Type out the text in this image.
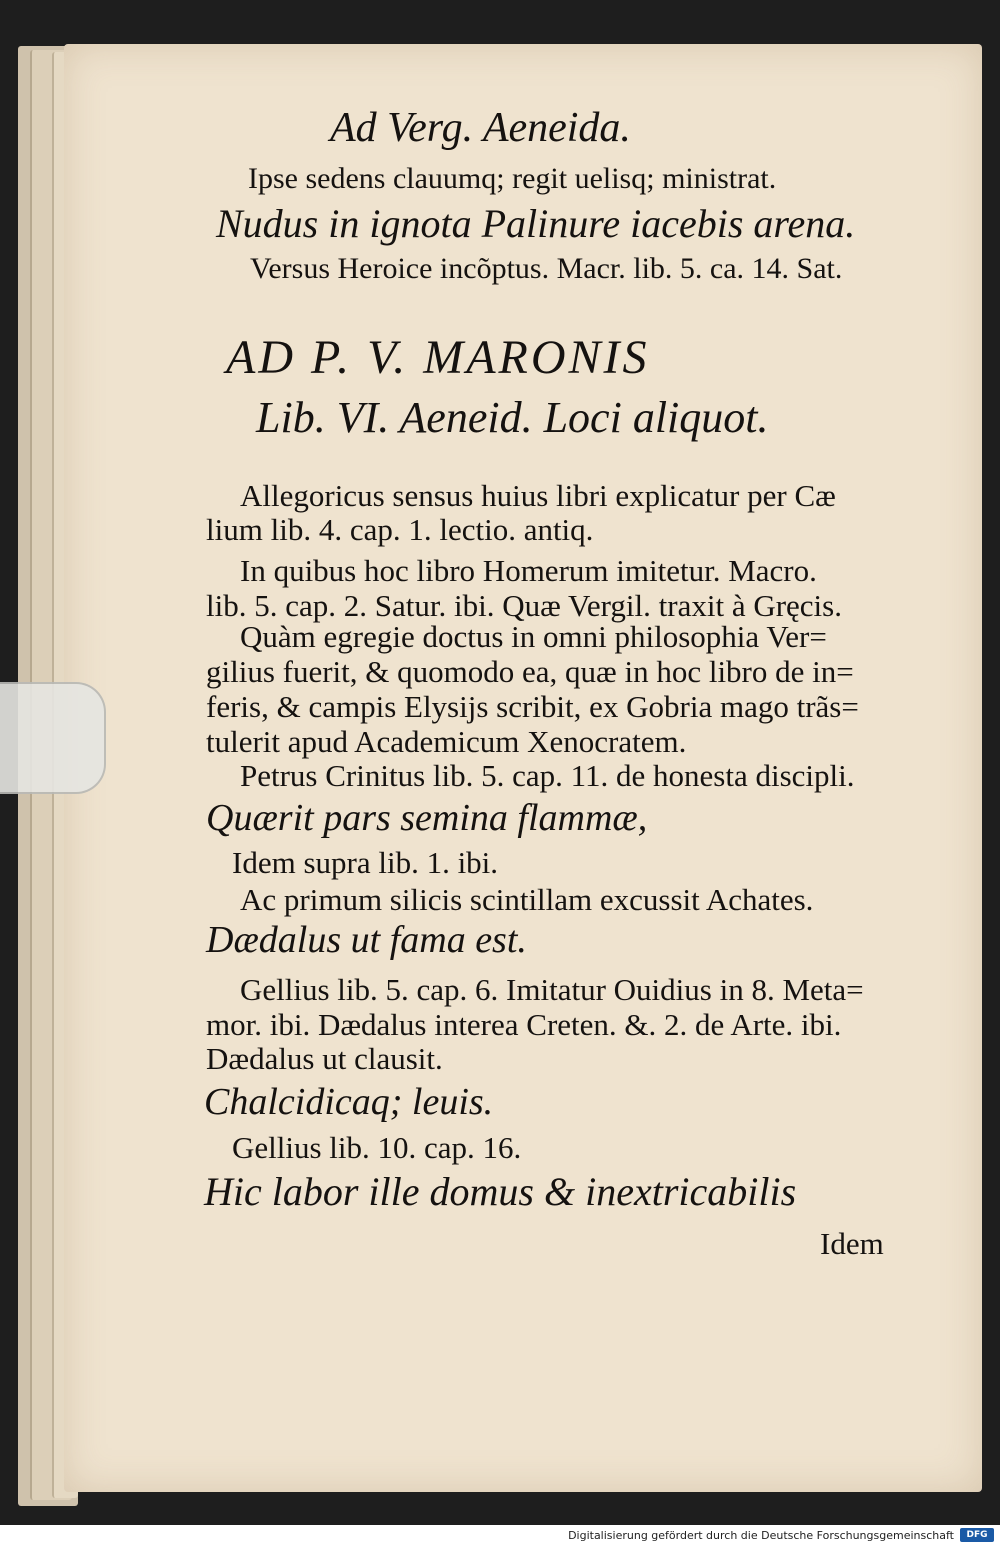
Ad Verg. Aeneida.
Ipse sedens clauumq; regit uelisq; ministrat.
Nudus in ignota Palinure iacebis arena.
Versus Heroice incõptus. Macr. lib. 5. ca. 14. Sat.
AD P. V. MARONIS
Lib. VI. Aeneid. Loci aliquot.
Allegoricus sensus huius libri explicatur per Cæ
lium lib. 4. cap. 1. lectio. antiq.
In quibus hoc libro Homerum imitetur. Macro.
lib. 5. cap. 2. Satur. ibi. Quæ Vergil. traxit à Gręcis.
Quàm egregie doctus in omni philosophia Ver=
gilius fuerit, & quomodo ea, quæ in hoc libro de in=
feris, & campis Elysijs scribit, ex Gobria mago trãs=
tulerit apud Academicum Xenocratem.
Petrus Crinitus lib. 5. cap. 11. de honesta discipli.
Quærit pars semina flammæ,
Idem supra lib. 1. ibi.
Ac primum silicis scintillam excussit Achates.
Dædalus ut fama est.
Gellius lib. 5. cap. 6. Imitatur Ouidius in 8. Meta=
mor. ibi. Dædalus interea Creten. &. 2. de Arte. ibi.
Dædalus ut clausit.
Chalcidicaq; leuis.
Gellius lib. 10. cap. 16.
Hic labor ille domus & inextricabilis
Idem
Digitalisierung gefördert durch die Deutsche Forschungsgemeinschaft	DFG
